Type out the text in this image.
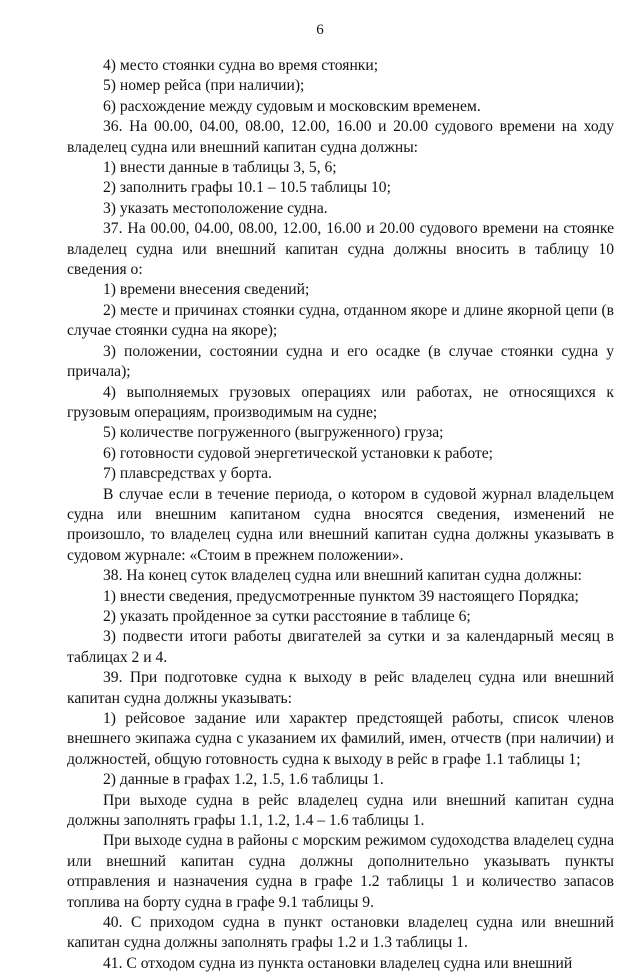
6

4) место стоянки судна во время стоянки;

5) номер рейса (при наличии);

6) расхождение между судовым и московским временем.

36. На 00.00, 04.00, 08.00, 12.00, 16.00 и 20.00 судового времени на ходу владелец судна или внешний капитан судна должны:

1) внести данные в таблицы 3, 5, 6;

2) заполнить графы 10.1 – 10.5 таблицы 10;

3) указать местоположение судна.

37. На 00.00, 04.00, 08.00, 12.00, 16.00 и 20.00 судового времени на стоянке владелец судна или внешний капитан судна должны вносить в таблицу 10 сведения о:

1) времени внесения сведений;

2) месте и причинах стоянки судна, отданном якоре и длине якорной цепи (в случае стоянки судна на якоре);

3) положении, состоянии судна и его осадке (в случае стоянки судна у причала);

4) выполняемых грузовых операциях или работах, не относящихся к грузовым операциям, производимым на судне;

5) количестве погруженного (выгруженного) груза;

6) готовности судовой энергетической установки к работе;

7) плавсредствах у борта.

В случае если в течение периода, о котором в судовой журнал владельцем судна или внешним капитаном судна вносятся сведения, изменений не произошло, то владелец судна или внешний капитан судна должны указывать в судовом журнале: «Стоим в прежнем положении».

38. На конец суток владелец судна или внешний капитан судна должны:

1) внести сведения, предусмотренные пунктом 39 настоящего Порядка;

2) указать пройденное за сутки расстояние в таблице 6;

3) подвести итоги работы двигателей за сутки и за календарный месяц в таблицах 2 и 4.

39. При подготовке судна к выходу в рейс владелец судна или внешний капитан судна должны указывать:

1) рейсовое задание или характер предстоящей работы, список членов внешнего экипажа судна с указанием их фамилий, имен, отчеств (при наличии) и должностей, общую готовность судна к выходу в рейс в графе 1.1 таблицы 1;

2) данные в графах 1.2, 1.5, 1.6 таблицы 1.

При выходе судна в рейс владелец судна или внешний капитан судна должны заполнять графы 1.1, 1.2, 1.4 – 1.6 таблицы 1.

При выходе судна в районы с морским режимом судоходства владелец судна или внешний капитан судна должны дополнительно указывать пункты отправления и назначения судна в графе 1.2 таблицы 1 и количество запасов топлива на борту судна в графе 9.1 таблицы 9.

40. С приходом судна в пункт остановки владелец судна или внешний капитан судна должны заполнять графы 1.2 и 1.3 таблицы 1.

41. С отходом судна из пункта остановки владелец судна или внешний
